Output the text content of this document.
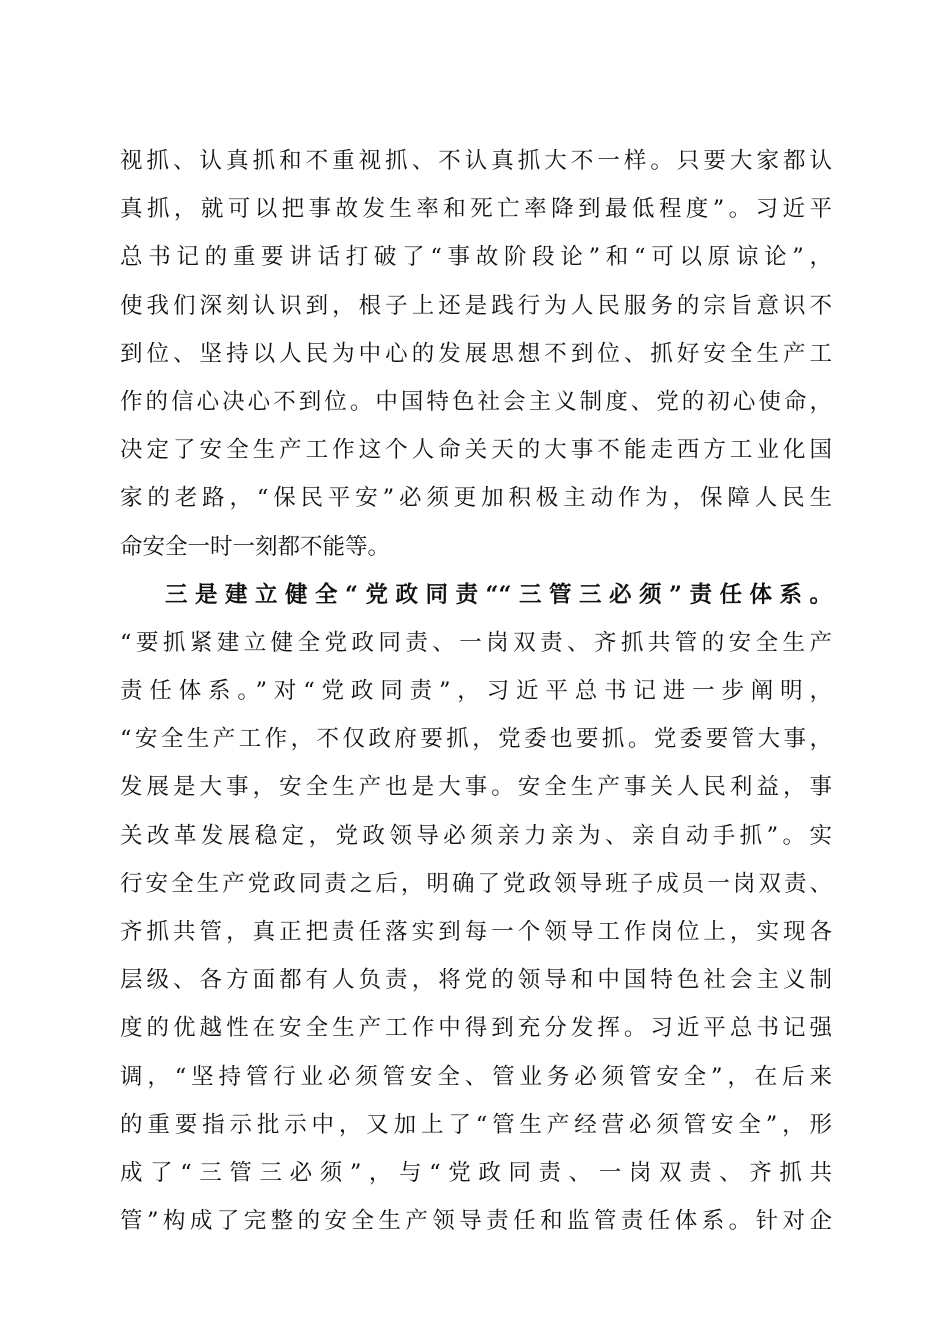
视抓、认真抓和不重视抓、不认真抓大不一样。只要大家都认
真抓，就可以把事故发生率和死亡率降到最低程度”。习近平
总书记的重要讲话打破了“事故阶段论”和“可以原谅论”，
使我们深刻认识到，根子上还是践行为人民服务的宗旨意识不
到位、坚持以人民为中心的发展思想不到位、抓好安全生产工
作的信心决心不到位。中国特色社会主义制度、党的初心使命，
决定了安全生产工作这个人命关天的大事不能走西方工业化国
家的老路，“保民平安”必须更加积极主动作为，保障人民生
命安全一时一刻都不能等。
三是建立健全“党政同责““三管三必须”责任体系。
“要抓紧建立健全党政同责、一岗双责、齐抓共管的安全生产
责任体系。”对“党政同责”，习近平总书记进一步阐明，
“安全生产工作，不仅政府要抓，党委也要抓。党委要管大事，
发展是大事，安全生产也是大事。安全生产事关人民利益，事
关改革发展稳定，党政领导必须亲力亲为、亲自动手抓”。实
行安全生产党政同责之后，明确了党政领导班子成员一岗双责、
齐抓共管，真正把责任落实到每一个领导工作岗位上，实现各
层级、各方面都有人负责，将党的领导和中国特色社会主义制
度的优越性在安全生产工作中得到充分发挥。习近平总书记强
调，“坚持管行业必须管安全、管业务必须管安全”，在后来
的重要指示批示中，又加上了“管生产经营必须管安全”，形
成了“三管三必须”，与“党政同责、一岗双责、齐抓共
管”构成了完整的安全生产领导责任和监管责任体系。针对企
